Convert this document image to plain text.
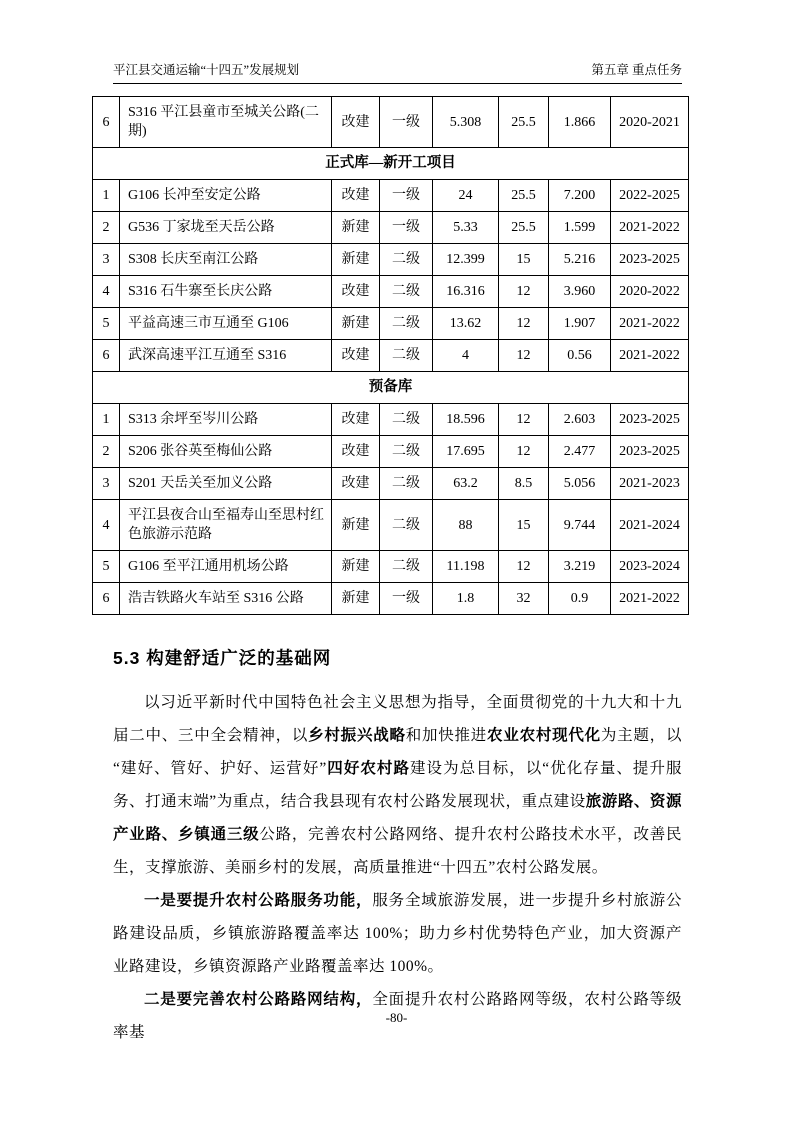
平江县交通运输“十四五”发展规划	第五章 重点任务
6	S316 平江县童市至城关公路(二期)	改建	一级	5.308	25.5	1.866	2020-2021
正式库—新开工项目							
1	G106 长冲至安定公路	改建	一级	24	25.5	7.200	2022-2025
2	G536 丁家垅至天岳公路	新建	一级	5.33	25.5	1.599	2021-2022
3	S308 长庆至南江公路	新建	二级	12.399	15	5.216	2023-2025
4	S316 石牛寨至长庆公路	改建	二级	16.316	12	3.960	2020-2022
5	平益高速三市互通至 G106	新建	二级	13.62	12	1.907	2021-2022
6	武深高速平江互通至 S316	改建	二级	4	12	0.56	2021-2022
预备库							
1	S313 余坪至岑川公路	改建	二级	18.596	12	2.603	2023-2025
2	S206 张谷英至梅仙公路	改建	二级	17.695	12	2.477	2023-2025
3	S201 天岳关至加义公路	改建	二级	63.2	8.5	5.056	2021-2023
4	平江县夜合山至福寿山至思村红色旅游示范路	新建	二级	88	15	9.744	2021-2024
5	G106 至平江通用机场公路	新建	二级	11.198	12	3.219	2023-2024
6	浩吉铁路火车站至 S316 公路	新建	一级	1.8	32	0.9	2021-2022
5.3 构建舒适广泛的基础网

以习近平新时代中国特色社会主义思想为指导，全面贯彻党的十九大和十九届二中、三中全会精神，以乡村振兴战略和加快推进农业农村现代化为主题，以“建好、管好、护好、运营好”四好农村路建设为总目标，以“优化存量、提升服务、打通末端”为重点，结合我县现有农村公路发展现状，重点建设旅游路、资源产业路、乡镇通三级公路，完善农村公路网络、提升农村公路技术水平，改善民生，支撑旅游、美丽乡村的发展，高质量推进“十四五”农村公路发展。

一是要提升农村公路服务功能，服务全域旅游发展，进一步提升乡村旅游公路建设品质，乡镇旅游路覆盖率达 100%；助力乡村优势特色产业，加大资源产业路建设，乡镇资源路产业路覆盖率达 100%。

二是要完善农村公路路网结构，全面提升农村公路路网等级，农村公路等级率基

-80-
